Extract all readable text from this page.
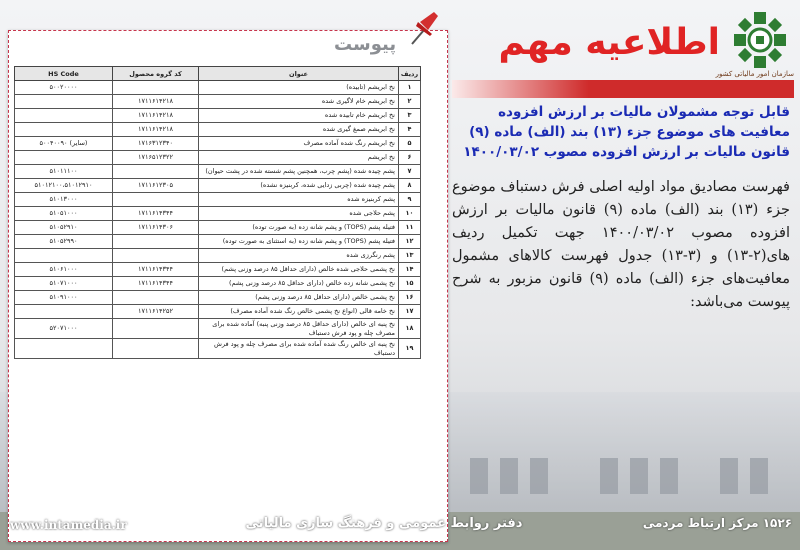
سازمان امور مالیاتی کشور
اطلاعیه مهم
قابل توجه مشمولان مالیات بر ارزش افزوده
معافیت های موضوع جزء (۱۳) بند (الف) ماده (۹)
قانون مالیات بر ارزش افزوده مصوب ۱۴۰۰/۰۳/۰۲
فهرست مصادیق مواد اولیه اصلی فرش دستباف موضوع جزء (۱۳) بند (الف) ماده (۹) قانون مالیات بر ارزش افزوده مصوب ۱۴۰۰/۰۳/۰۲ جهت تکمیل ردیف های(۲-۱۳) و (۳-۱۳) جدول فهرست کالاهای مشمول معافیت‌های جزء (الف) ماده (۹) قانون مزبور به شرح پیوست می‌باشد:
پیوست
ردیف	عنوان	کد گروه محصول	HS Code
۱	نخ ابریشم (تابیده)		۵۰۰۲۰۰۰۰
۲	نخ ابریشم خام لاگیری شده	۱۷۱۱۶۱۴۲۱۸	
۳	نخ ابریشم خام تابیده شده	۱۷۱۱۶۱۴۲۱۸	
۴	نخ ابریشم صمغ گیری شده	۱۷۱۱۶۱۴۲۱۸	
۵	نخ ابریشم رنگ شده آماده مصرف	۱۷۱۶۳۱۲۳۴۰	(سایر) ۵۰۰۴۰۰۹۰
۶	نخ ابریشم	۱۷۱۶۵۱۲۳۲۲	
۷	پشم چیده شده (پشم چرب، همچنین پشم شسته شده در پشت حیوان)		۵۱۰۱۱۱۰۰
۸	پشم چیده شده (چربی زدایی شده، کربنیزه نشده)	۱۷۱۱۶۱۲۳۰۵	۵۱۰۱۲۱۰۰،۵۱۰۱۲۹۱۰
۹	پشم کربنیزه شده		۵۱۰۱۳۰۰۰
۱۰	پشم حلاجی شده	۱۷۱۱۶۱۴۳۴۴	۵۱۰۵۱۰۰۰
۱۱	فتیله پشم (TOPS) و پشم شانه زده (به صورت توده)	۱۷۱۱۶۱۴۳۰۶	۵۱۰۵۲۹۱۰
۱۲	فتیله پشم (TOPS) و پشم شانه زده (به استثنای به صورت توده)		۵۱۰۵۲۹۹۰
۱۳	پشم رنگرزی شده		
۱۴	نخ پشمی حلاجی شده خالص (دارای حداقل ۸۵ درصد وزنی پشم)	۱۷۱۱۶۱۴۳۴۴	۵۱۰۶۱۰۰۰
۱۵	نخ پشمی شانه زده خالص (دارای حداقل ۸۵ درصد وزنی پشم)	۱۷۱۱۶۱۴۳۴۴	۵۱۰۷۱۰۰۰
۱۶	نخ پشمی خالص (دارای حداقل ۸۵ درصد وزنی پشم)		۵۱۰۹۱۰۰۰
۱۷	نخ خامه قالی (انواع نخ پشمی خالص رنگ شده آماده مصرف)	۱۷۱۱۶۱۴۲۵۲	
۱۸	نخ پنبه ای خالص (دارای حداقل ۸۵ درصد وزنی پنبه) آماده شده برای مصرف چله و پود فرش دستباف		۵۲۰۷۱۰۰۰
۱۹	نخ پنبه ای خالص رنگ شده آماده شده برای مصرف چله و پود فرش دستباف		
دفتر روابط عمومی و فرهنگ سازی مالیاتی	۱۵۲۶ مرکز ارتباط مردمی
www.intamedia.ir
